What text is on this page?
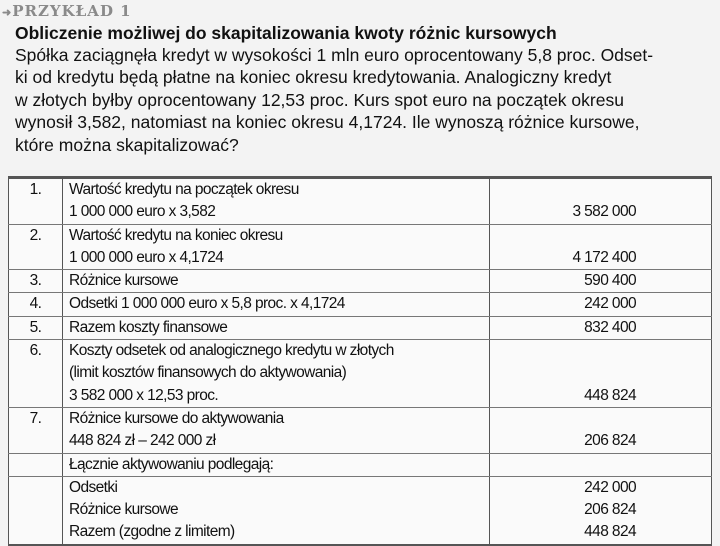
➜PRZYKŁAD 1
Obliczenie możliwej do skapitalizowania kwoty różnic kursowych
Spółka zaciągnęła kredyt w wysokości 1 mln euro oprocentowany 5,8 proc. Odset-
ki od kredytu będą płatne na koniec okresu kredytowania. Analogiczny kredyt
w złotych byłby oprocentowany 12,53 proc. Kurs spot euro na początek okresu
wynosił 3,582, natomiast na koniec okresu 4,1724. Ile wynoszą różnice kursowe,
które można skapitalizować?
1.	Wartość kredytu na początek okresu
1 000 000 euro x 3,582	3 582 000
2.	Wartość kredytu na koniec okresu
1 000 000 euro x 4,1724	4 172 400
3.	Różnice kursowe	590 400
4.	Odsetki 1 000 000 euro x 5,8 proc. x 4,1724	242 000
5.	Razem koszty finansowe	832 400
6.	Koszty odsetek od analogicznego kredytu w złotych
(limit kosztów finansowych do aktywowania)
3 582 000 x 12,53 proc.	448 824
7.	Różnice kursowe do aktywowania
448 824 zł – 242 000 zł	206 824

	Łącznie aktywowaniu podlegają:	

	Odsetki	242 000

	Różnice kursowe	206 824

	Razem (zgodne z limitem)	448 824
